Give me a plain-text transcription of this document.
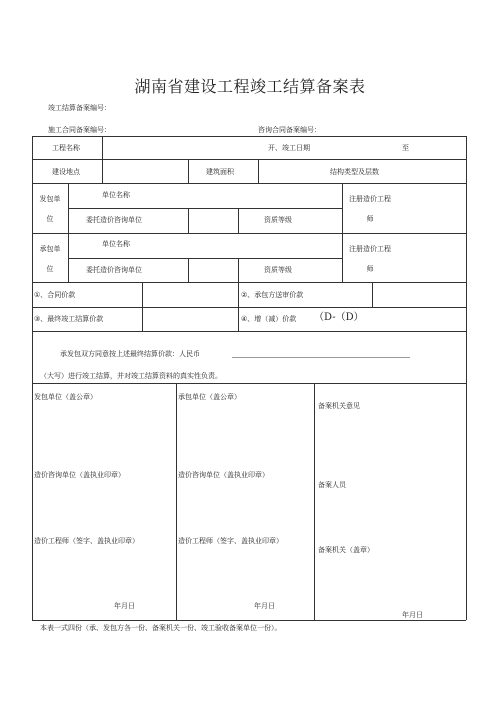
湖南省建设工程竣工结算备案表
竣工结算备案编号：
施工合同备案编号：	咨询合同备案编号：
工程名称	开、竣工日期	至
建设地点	建筑面积	结构类型及层数
发包单
位
单位名称
委托造价咨询单位	资质等级
注册造价工程
师
承包单
位
单位名称
委托造价咨询单位	资质等级
注册造价工程
师
①、合同价款	②、承包方送审价款
③、最终竣工结算价款	④、增（减）价款 （D-（D）
承发包双方同意按上述最终结算价款：人民币
（大写）进行竣工结算，并对竣工结算资料的真实性负责。
发包单位（盖公章）
造价咨询单位（盖执业印章）
造价工程师（签字、盖执业印章）
年月日
承包单位（盖公章）
造价咨询单位（盖执业印章）
造价工程师（签字、盖执业印章）
年月日
备案机关意见
备案人员
备案机关（盖章）
年月日
本表一式四份（承、发包方各一份、备案机关一份、竣工验收备案单位一份）。
